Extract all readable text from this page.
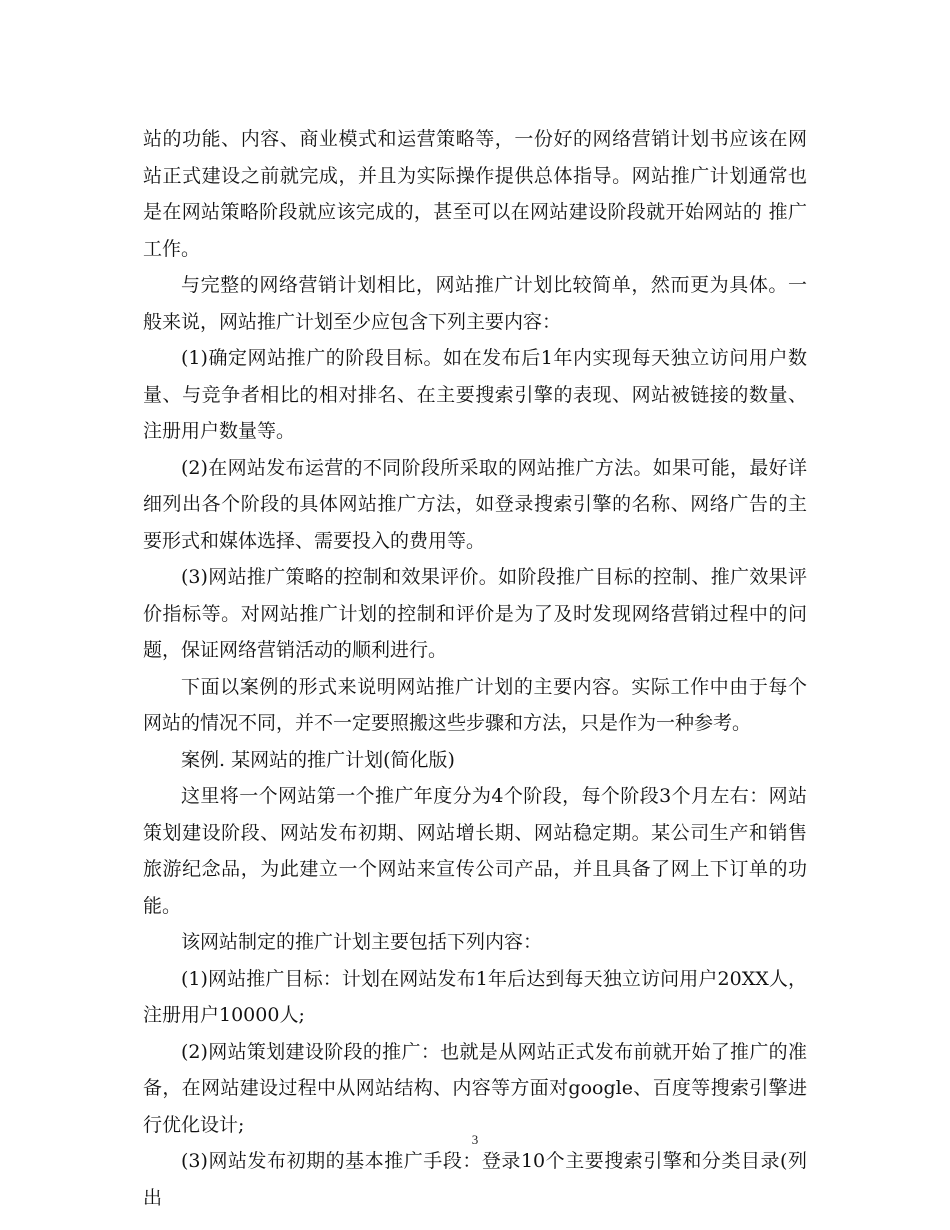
站的功能、内容、商业模式和运营策略等，一份好的网络营销计划书应该在网站正式建设之前就完成，并且为实际操作提供总体指导。网站推广计划通常也是在网站策略阶段就应该完成的，甚至可以在网站建设阶段就开始网站的 推广 工作。

与完整的网络营销计划相比，网站推广计划比较简单，然而更为具体。一般来说，网站推广计划至少应包含下列主要内容：

(1)确定网站推广的阶段目标。如在发布后1年内实现每天独立访问用户数量、与竞争者相比的相对排名、在主要搜索引擎的表现、网站被链接的数量、注册用户数量等。

(2)在网站发布运营的不同阶段所采取的网站推广方法。如果可能，最好详细列出各个阶段的具体网站推广方法，如登录搜索引擎的名称、网络广告的主要形式和媒体选择、需要投入的费用等。

(3)网站推广策略的控制和效果评价。如阶段推广目标的控制、推广效果评价指标等。对网站推广计划的控制和评价是为了及时发现网络营销过程中的问题，保证网络营销活动的顺利进行。

下面以案例的形式来说明网站推广计划的主要内容。实际工作中由于每个网站的情况不同，并不一定要照搬这些步骤和方法，只是作为一种参考。

案例. 某网站的推广计划(简化版)

这里将一个网站第一个推广年度分为4个阶段，每个阶段3个月左右：网站策划建设阶段、网站发布初期、网站增长期、网站稳定期。某公司生产和销售旅游纪念品，为此建立一个网站来宣传公司产品，并且具备了网上下订单的功能。

该网站制定的推广计划主要包括下列内容：

(1)网站推广目标：计划在网站发布1年后达到每天独立访问用户20XX人，注册用户10000人;

(2)网站策划建设阶段的推广：也就是从网站正式发布前就开始了推广的准备，在网站建设过程中从网站结构、内容等方面对google、百度等搜索引擎进行优化设计;

(3)网站发布初期的基本推广手段：登录10个主要搜索引擎和分类目录(列出

3
